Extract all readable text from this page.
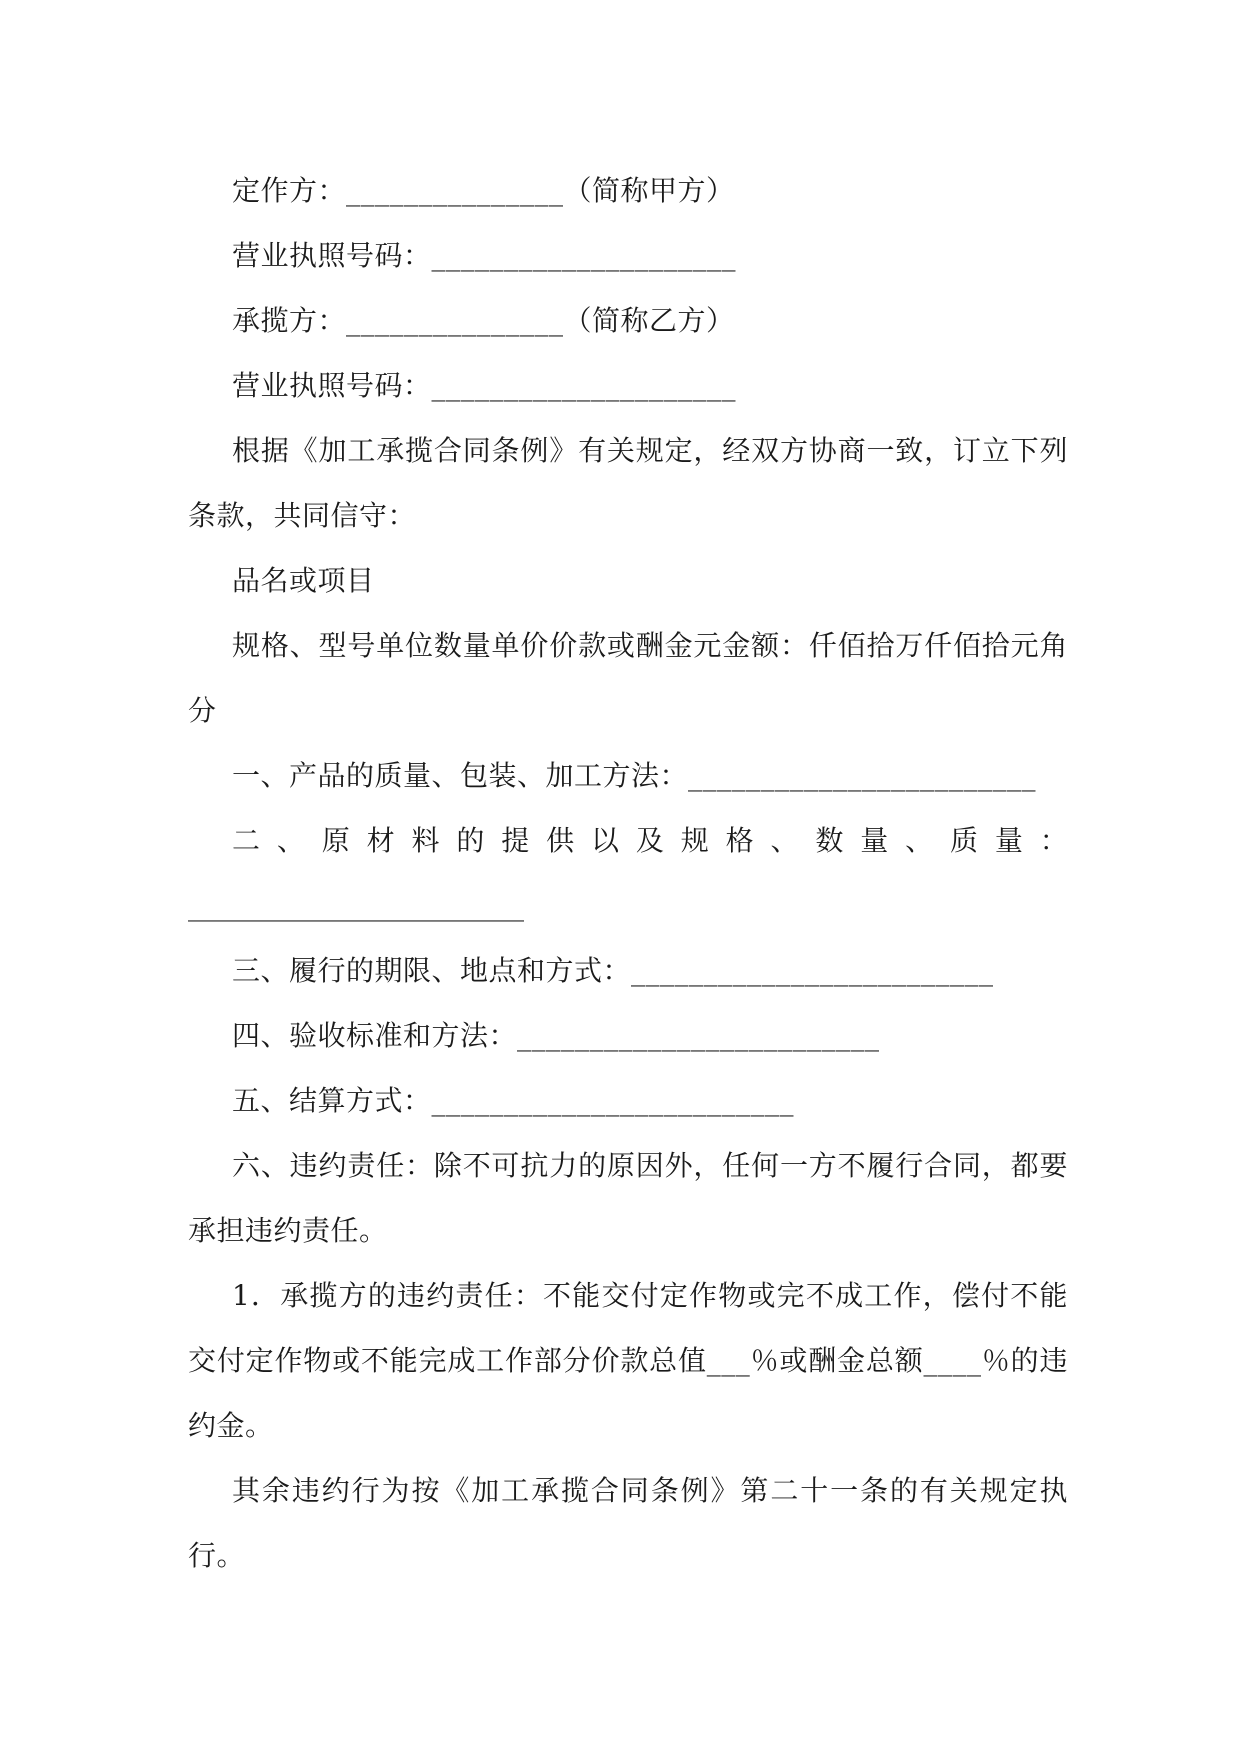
定作方：_______________（简称甲方）

营业执照号码：_____________________

承揽方：_______________（简称乙方）

营业执照号码：_____________________

根据《加工承揽合同条例》有关规定，经双方协商一致，订立下列条款，共同信守：

品名或项目

规格、型号单位数量单价价款或酬金元金额：仟佰拾万仟佰拾元角分

一、产品的质量、包装、加工方法：________________________

二 、 原 材 料 的 提 供 以 及 规 格 、 数 量 、 质 量 ：

________________________

三、履行的期限、地点和方式：_________________________

四、验收标准和方法：_________________________

五、结算方式：_________________________

六、违约责任：除不可抗力的原因外，任何一方不履行合同，都要承担违约责任。

1．承揽方的违约责任：不能交付定作物或完不成工作，偿付不能交付定作物或不能完成工作部分价款总值___％或酬金总额____％的违约金。

其余违约行为按《加工承揽合同条例》第二十一条的有关规定执行。
